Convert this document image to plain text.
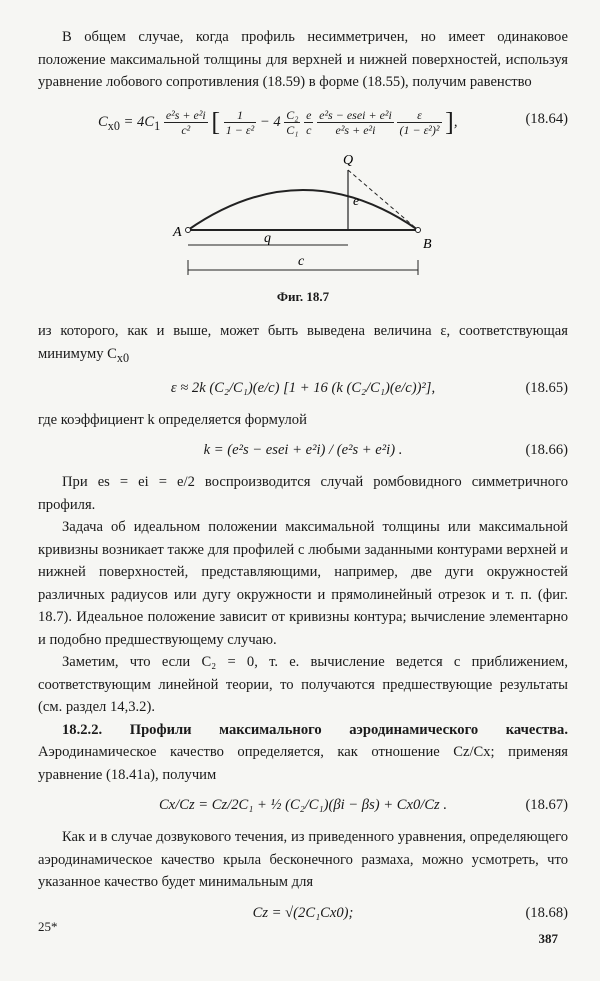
В общем случае, когда профиль несимметричен, но имеет одинаковое положение максимальной толщины для верхней и нижней поверхностей, используя уравнение лобового сопротивления (18.59) в форме (18.55), получим равенство

$C_{x0} = 4C_1 \frac{\text{e²s + e²i}}{\text{c²}}$ [ $\frac{1}{\text{1 − ε²}} - 4 \frac{\text{C₂}}{\text{C₁}}$
$\frac{e}{c}$
$\frac{\text{e²s − esei + e²i}}{\text{e²s + e²i}}$
$\frac{\varepsilon}{\text{(1 − ε²)²}}$ ],	(18.64)
A
B
Q
e
q
c
Фиг. 18.7

из которого, как и выше, может быть выведена величина ε, соответствующая минимуму $C_{x0}$

ε ≈ 2k (C₂/C₁)(e/c) [1 + 16 (k (C₂/C₁)(e/c))²],	(18.65)

где коэффициент k определяется формулой

k = (e²s − esei + e²i) / (e²s + e²i) .	(18.66)

При es = ei = e/2 воспроизводится случай ромбовидного симметричного профиля.

Задача об идеальном положении максимальной толщины или максимальной кривизны возникает также для профилей с любыми заданными контурами верхней и нижней поверхностей, представляющими, например, две дуги окружностей различных радиусов или дугу окружности и прямолинейный отрезок и т. п. (фиг. 18.7). Идеальное положение зависит от кривизны контура; вычисление элементарно и подобно предшествующему случаю.

Заметим, что если C₂ = 0, т. е. вычисление ведется с приближением, соответствующим линейной теории, то получаются предшествующие результаты (см. раздел 14,3.2).

18.2.2. Профили максимального аэродинамического качества. Аэродинамическое качество определяется, как отношение Cz/Cx; применяя уравнение (18.41а), получим

Cx/Cz = Cz/2C₁ + ½ (C₂/C₁)(βi − βs) + Cx0/Cz .	(18.67)

Как и в случае дозвукового течения, из приведенного уравнения, определяющего аэродинамическое качество крыла бесконечного размаха, можно усмотреть, что указанное качество будет минимальным для

Cz = √(2C₁Cx0);	(18.68)
25*
387
